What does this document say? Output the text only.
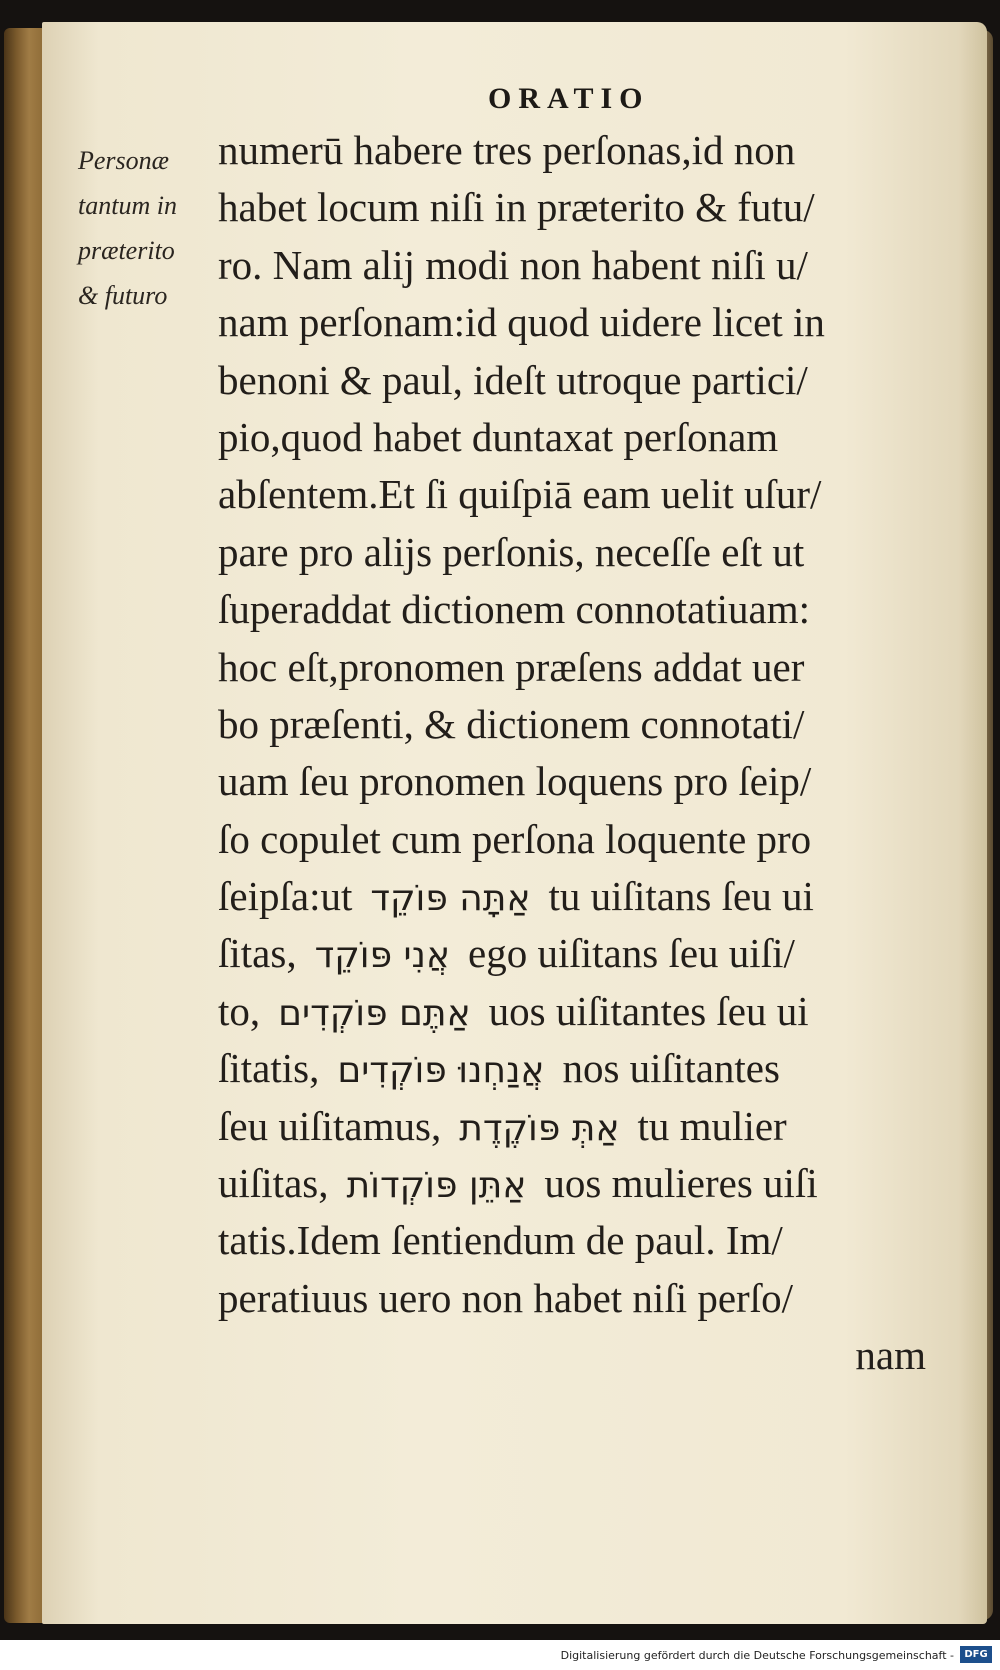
ORATIO
Personæ
tantum in
præterito
& futuro
numerū habere tres perſonas,id non
habet locum niſi in præterito & futu/
ro. Nam alij modi non habent niſi u/
nam perſonam:id quod uidere licet in
benoni & paul, ideſt utroque partici/
pio,quod habet duntaxat perſonam
abſentem.Et ſi quiſpiā eam uelit uſur/
pare pro alijs perſonis, neceſſe eſt ut
ſuperaddat dictionem connotatiuam:
hoc eſt,pronomen præſens addat uer
bo præſenti, & dictionem connotati/
uam ſeu pronomen loquens pro ſeip/
ſo copulet cum perſona loquente pro
ſeipſa:ut אַתָּה פּוֹקֵד tu uiſitans ſeu ui
ſitas, אֲנִי פּוֹקֵד ego uiſitans ſeu uiſi/
to, אַתֶּם פּוֹקְדִים uos uiſitantes ſeu ui
ſitatis, אֲנַחְנוּ פּוֹקְדִים nos uiſitantes
ſeu uiſitamus, אַתְּ פּוֹקֶדֶת tu mulier
uiſitas, אַתֵּן פּוֹקְדוֹת uos mulieres uiſi
tatis.Idem ſentiendum de paul. Im/
peratiuus uero non habet niſi perſo/
nam
Digitalisierung gefördert durch die Deutsche Forschungsgemeinschaft -	DFG
